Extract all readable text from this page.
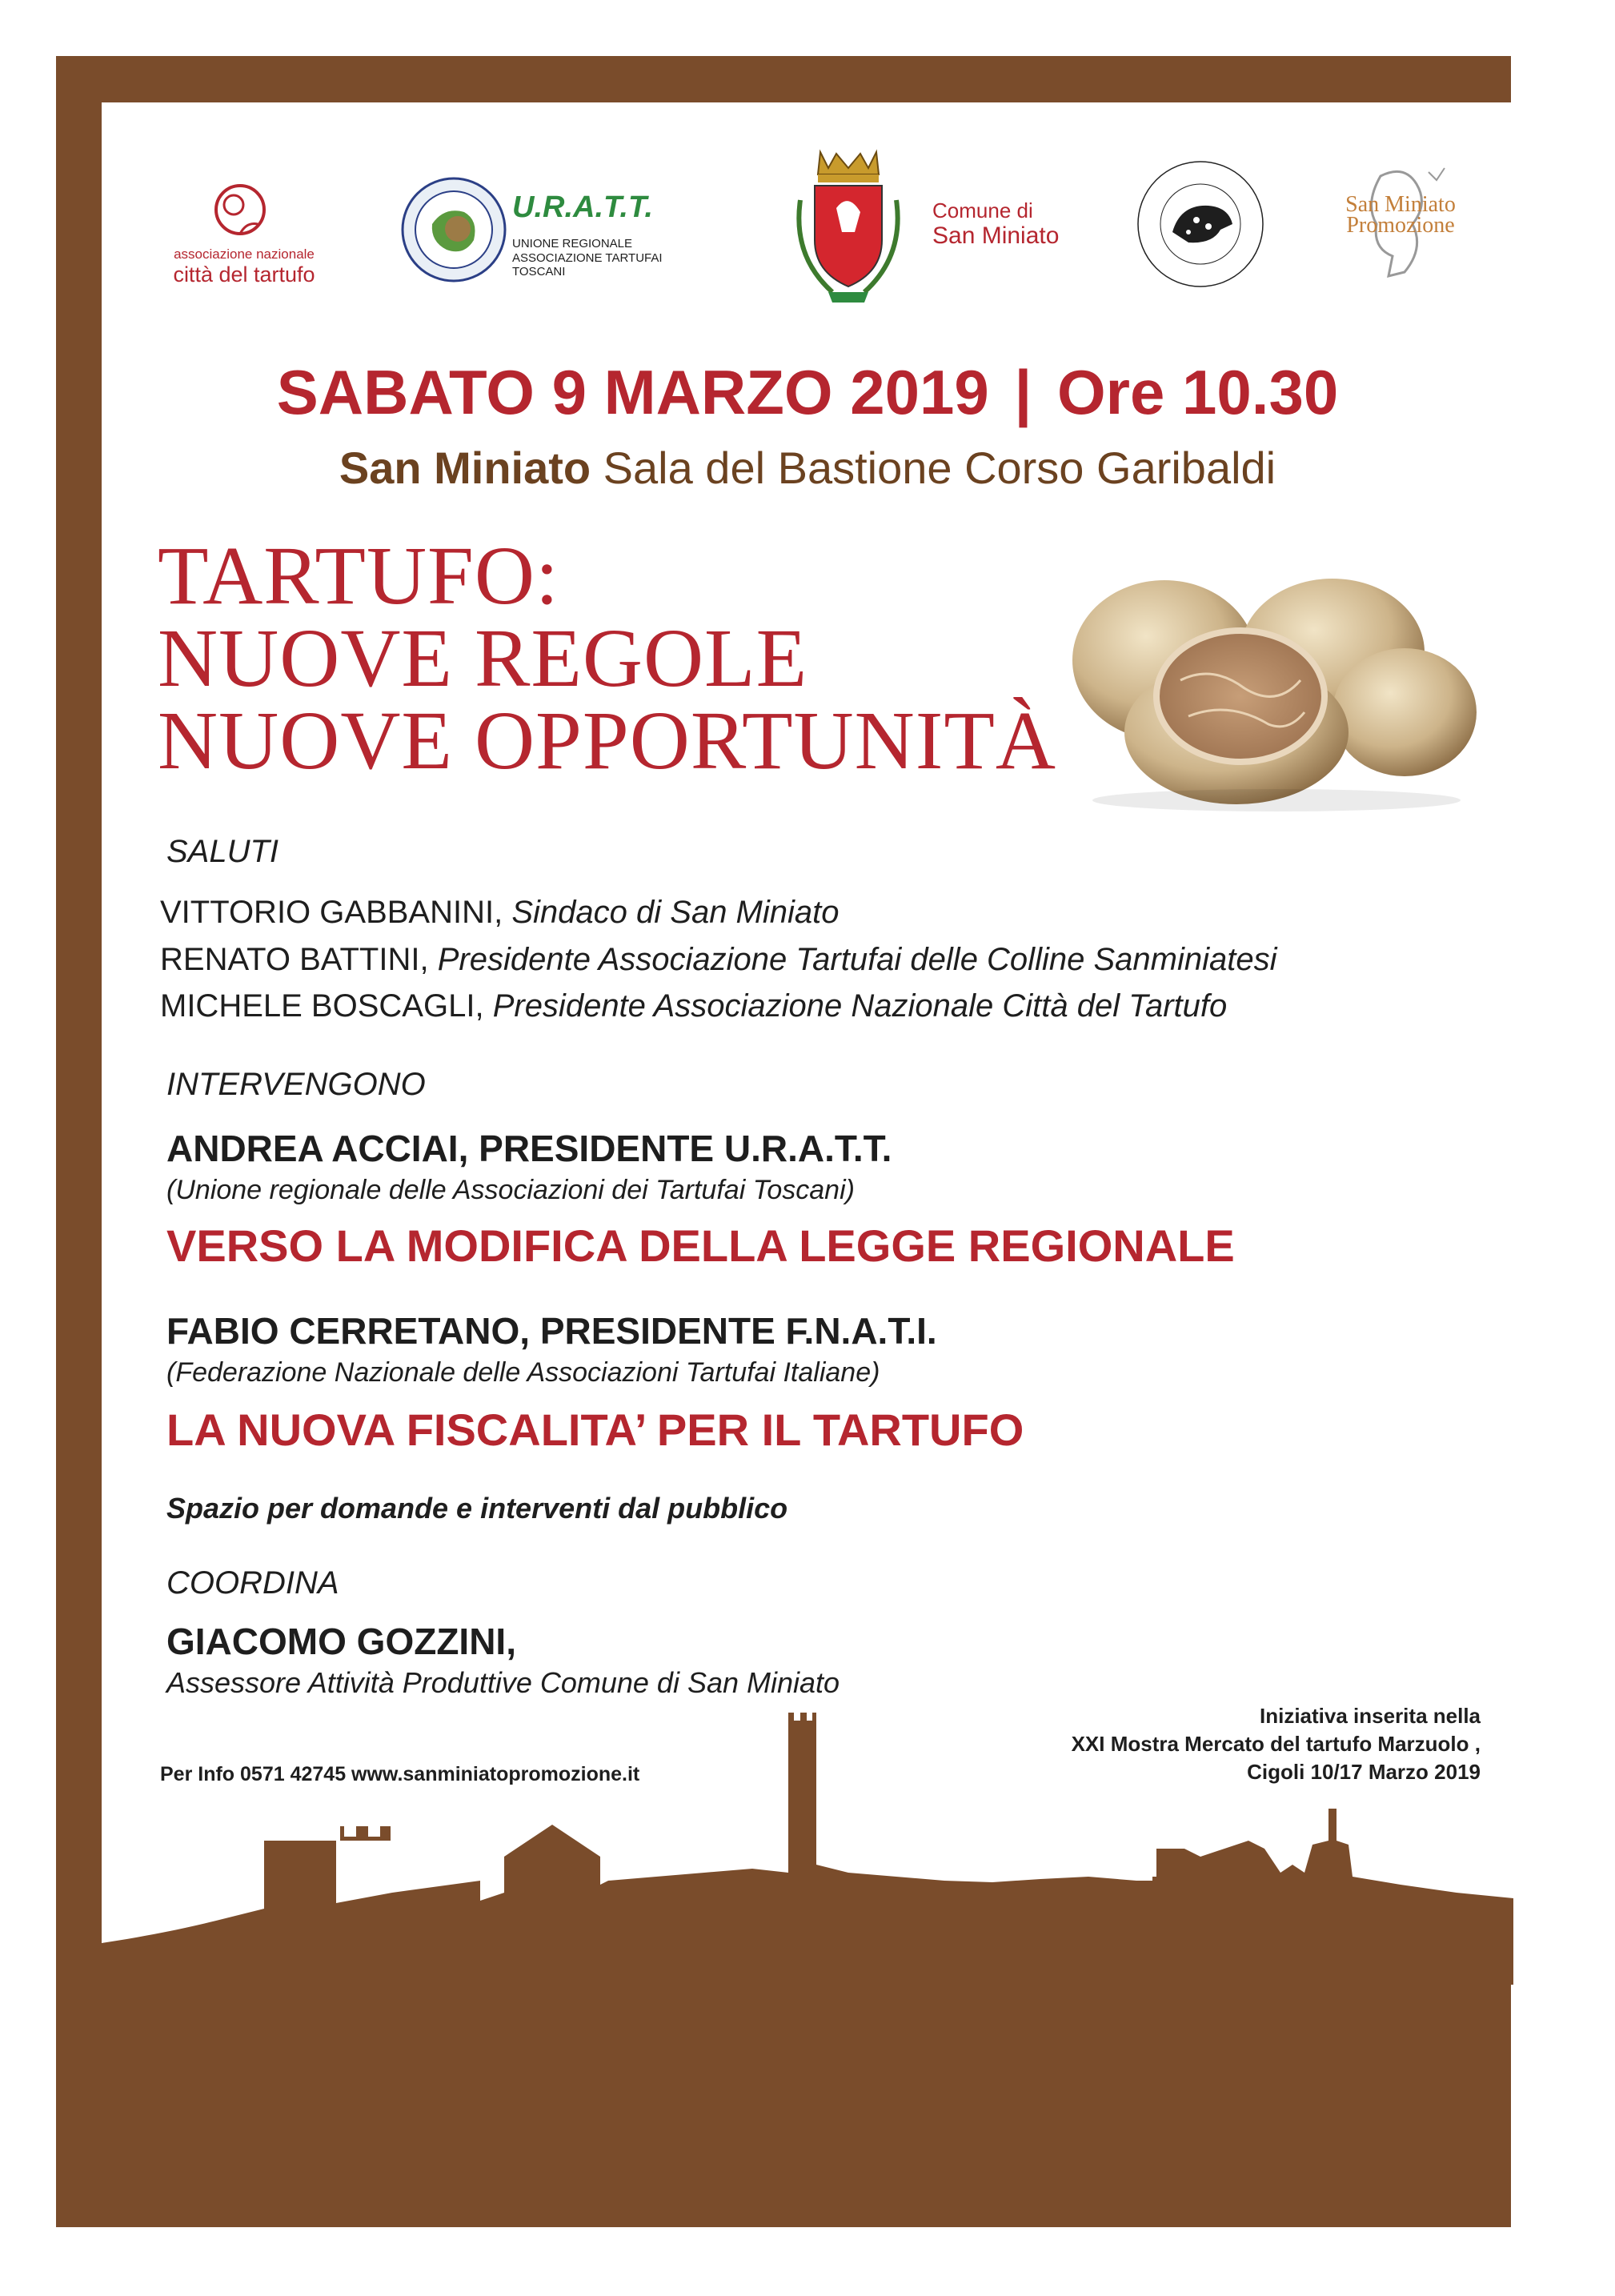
associazione nazionale
città del tartufo
U.R.A.T.T.
UNIONE REGIONALE
ASSOCIAZIONE TARTUFAI TOSCANI
Comune di
San Miniato
San Miniato
Promozione
SABATO 9 MARZO 2019 | Ore 10.30
San Miniato Sala del Bastione Corso Garibaldi
TARTUFO:
NUOVE REGOLE
NUOVE OPPORTUNITÀ
SALUTI
VITTORIO GABBANINI, Sindaco di San Miniato
RENATO BATTINI, Presidente Associazione Tartufai delle Colline Sanminiatesi
MICHELE BOSCAGLI, Presidente Associazione Nazionale Città del Tartufo
INTERVENGONO
ANDREA ACCIAI, PRESIDENTE U.R.A.T.T.
(Unione regionale delle Associazioni dei Tartufai Toscani)
VERSO LA MODIFICA DELLA LEGGE REGIONALE
FABIO CERRETANO, PRESIDENTE F.N.A.T.I.
(Federazione Nazionale delle Associazioni Tartufai Italiane)
LA NUOVA FISCALITA’ PER IL TARTUFO
Spazio per domande e interventi dal pubblico
COORDINA
GIACOMO GOZZINI,
Assessore Attività Produttive Comune di San Miniato
Per Info 0571 42745 www.sanminiatopromozione.it
Iniziativa inserita nella
XXI Mostra Mercato del tartufo Marzuolo ,
Cigoli 10/17 Marzo 2019
